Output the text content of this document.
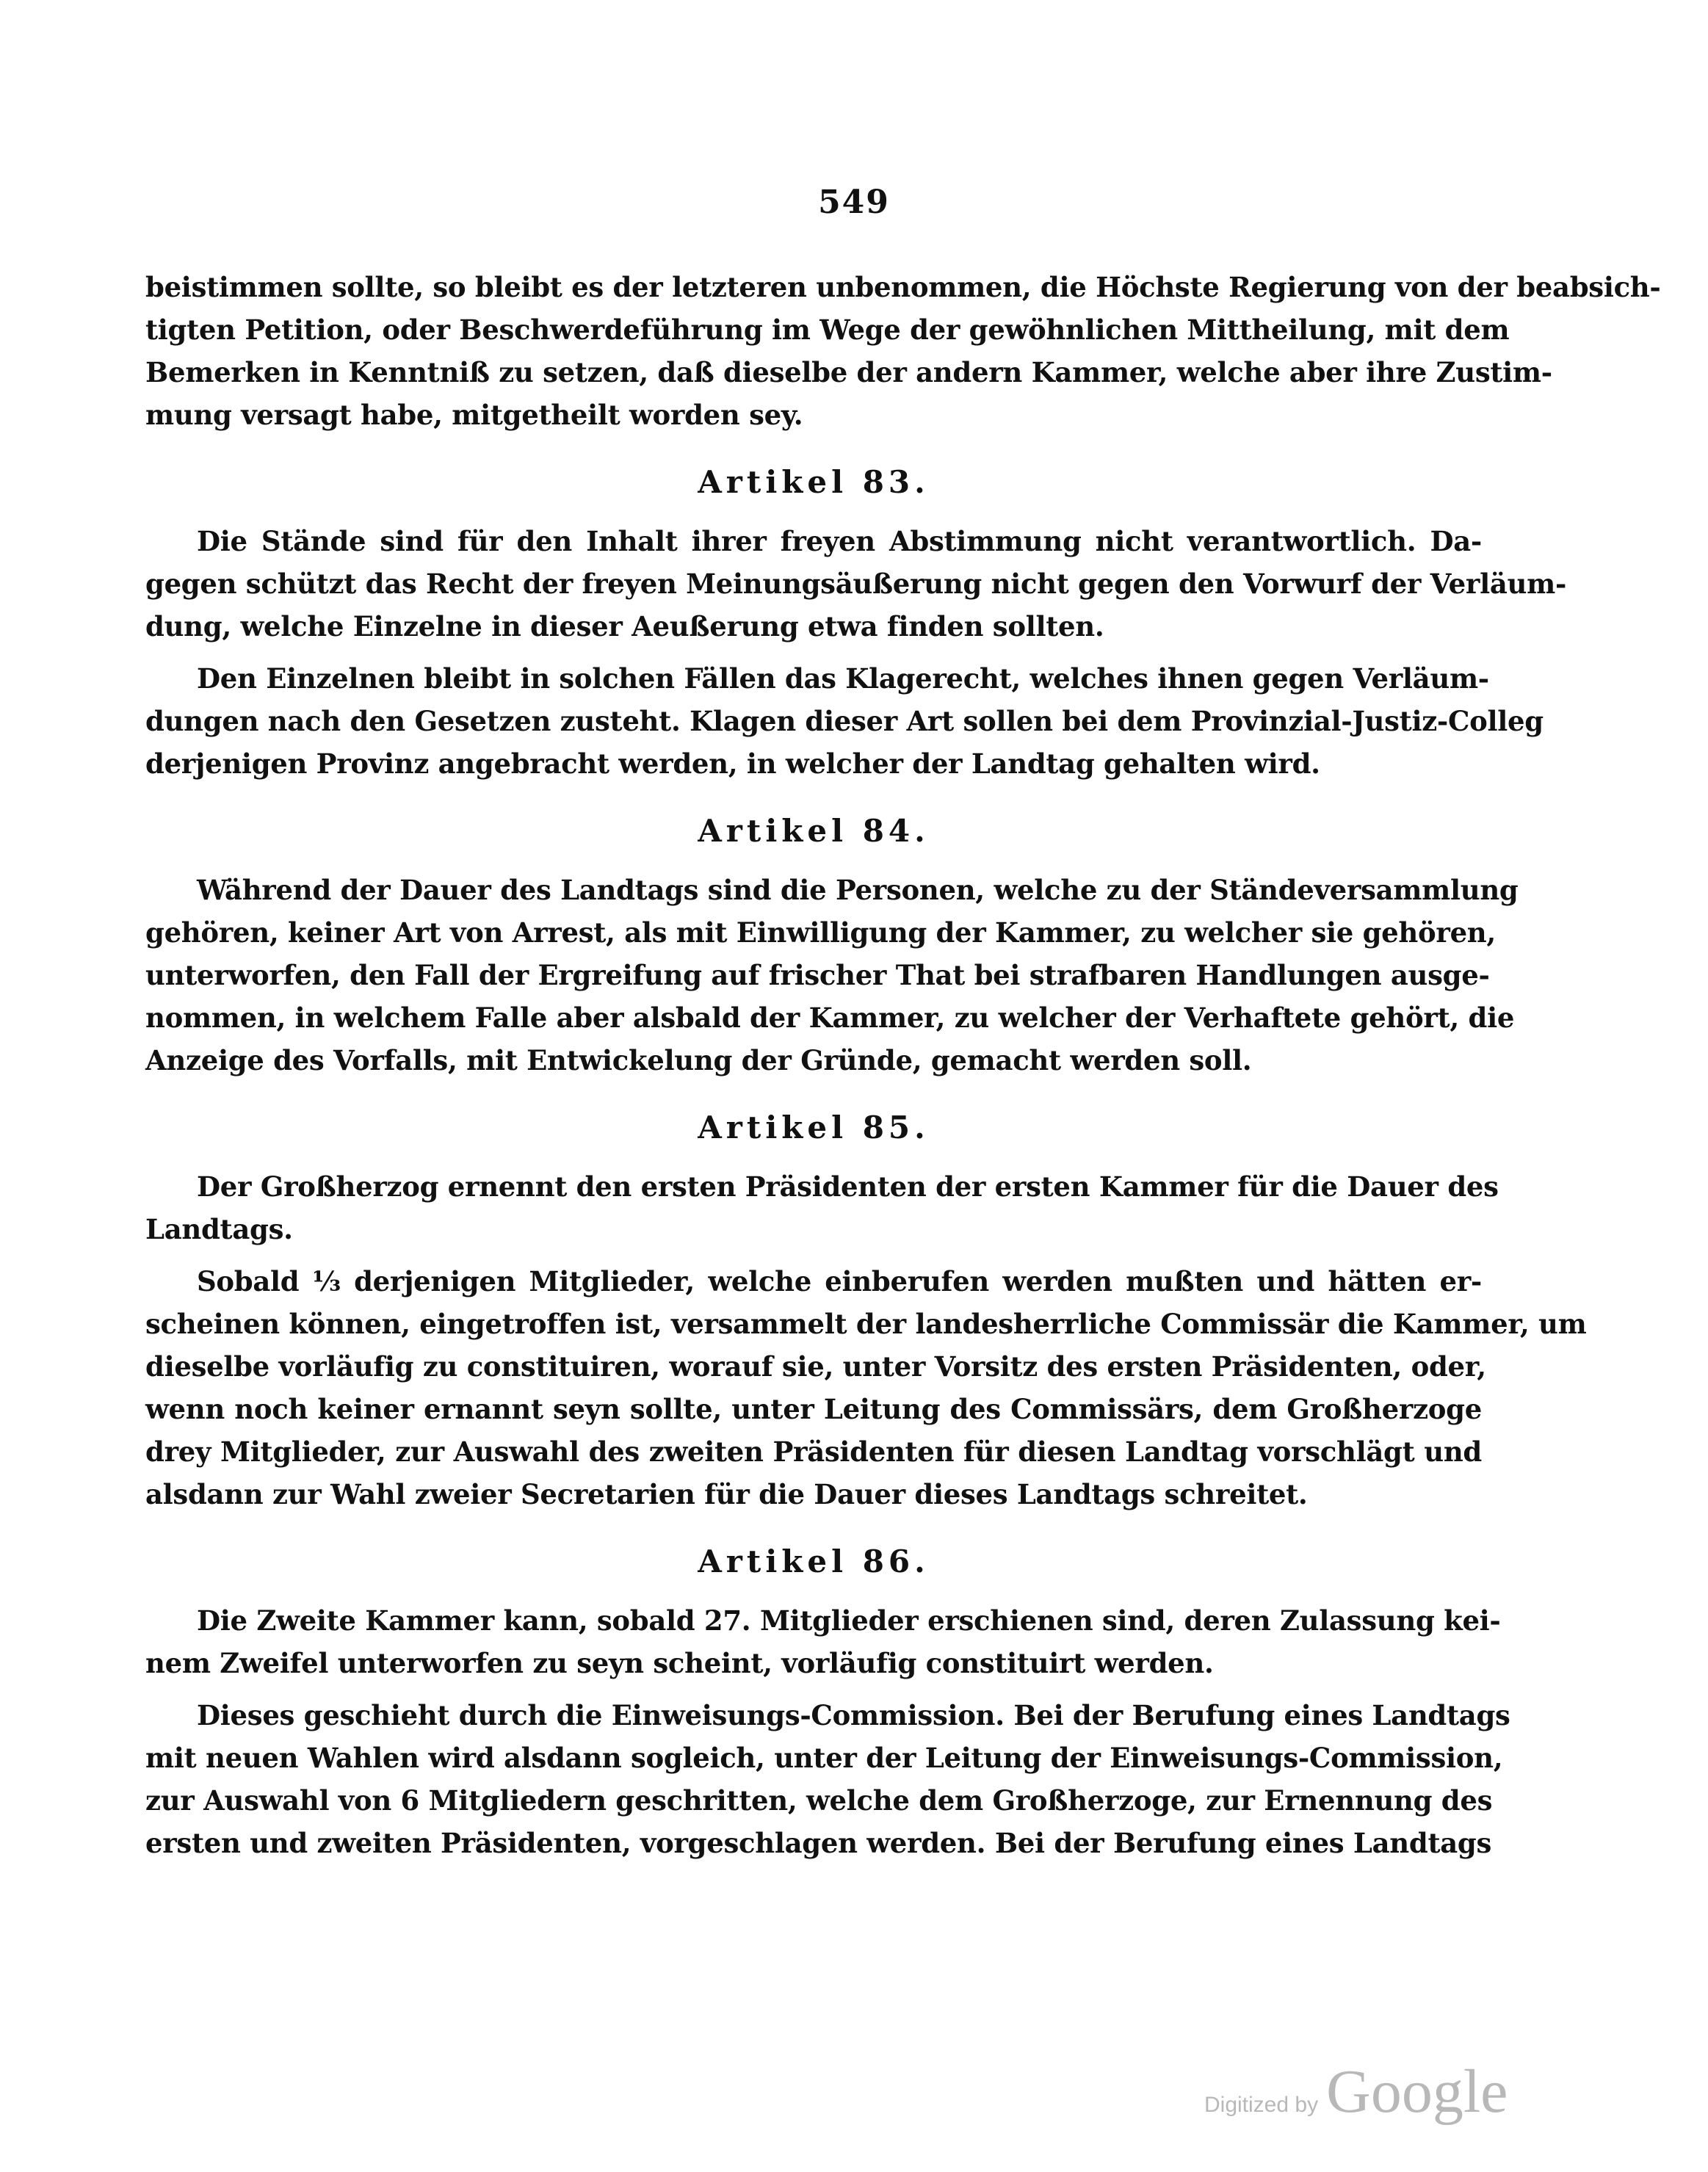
549
beistimmen sollte, so bleibt es der letzteren unbenommen, die Höchste Regierung von der beabsich-
tigten Petition, oder Beschwerdeführung im Wege der gewöhnlichen Mittheilung, mit dem
Bemerken in Kenntniß zu setzen, daß dieselbe der andern Kammer, welche aber ihre Zustim-
mung versagt habe, mitgetheilt worden sey.
Artikel 83.
Die Stände sind für den Inhalt ihrer freyen Abstimmung nicht verantwortlich. Da-
gegen schützt das Recht der freyen Meinungsäußerung nicht gegen den Vorwurf der Verläum-
dung, welche Einzelne in dieser Aeußerung etwa finden sollten.
Den Einzelnen bleibt in solchen Fällen das Klagerecht, welches ihnen gegen Verläum-
dungen nach den Gesetzen zusteht. Klagen dieser Art sollen bei dem Provinzial-Justiz-Colleg
derjenigen Provinz angebracht werden, in welcher der Landtag gehalten wird.
Artikel 84.
Während der Dauer des Landtags sind die Personen, welche zu der Ständeversammlung
gehören, keiner Art von Arrest, als mit Einwilligung der Kammer, zu welcher sie gehören,
unterworfen, den Fall der Ergreifung auf frischer That bei strafbaren Handlungen ausge-
nommen, in welchem Falle aber alsbald der Kammer, zu welcher der Verhaftete gehört, die
Anzeige des Vorfalls, mit Entwickelung der Gründe, gemacht werden soll.
Artikel 85.
Der Großherzog ernennt den ersten Präsidenten der ersten Kammer für die Dauer des
Landtags.
Sobald ⅓ derjenigen Mitglieder, welche einberufen werden mußten und hätten er-
scheinen können, eingetroffen ist, versammelt der landesherrliche Commissär die Kammer, um
dieselbe vorläufig zu constituiren, worauf sie, unter Vorsitz des ersten Präsidenten, oder,
wenn noch keiner ernannt seyn sollte, unter Leitung des Commissärs, dem Großherzoge
drey Mitglieder, zur Auswahl des zweiten Präsidenten für diesen Landtag vorschlägt und
alsdann zur Wahl zweier Secretarien für die Dauer dieses Landtags schreitet.
Artikel 86.
Die Zweite Kammer kann, sobald 27. Mitglieder erschienen sind, deren Zulassung kei-
nem Zweifel unterworfen zu seyn scheint, vorläufig constituirt werden.
Dieses geschieht durch die Einweisungs-Commission. Bei der Berufung eines Landtags
mit neuen Wahlen wird alsdann sogleich, unter der Leitung der Einweisungs-Commission,
zur Auswahl von 6 Mitgliedern geschritten, welche dem Großherzoge, zur Ernennung des
ersten und zweiten Präsidenten, vorgeschlagen werden. Bei der Berufung eines Landtags
Digitized by Google
